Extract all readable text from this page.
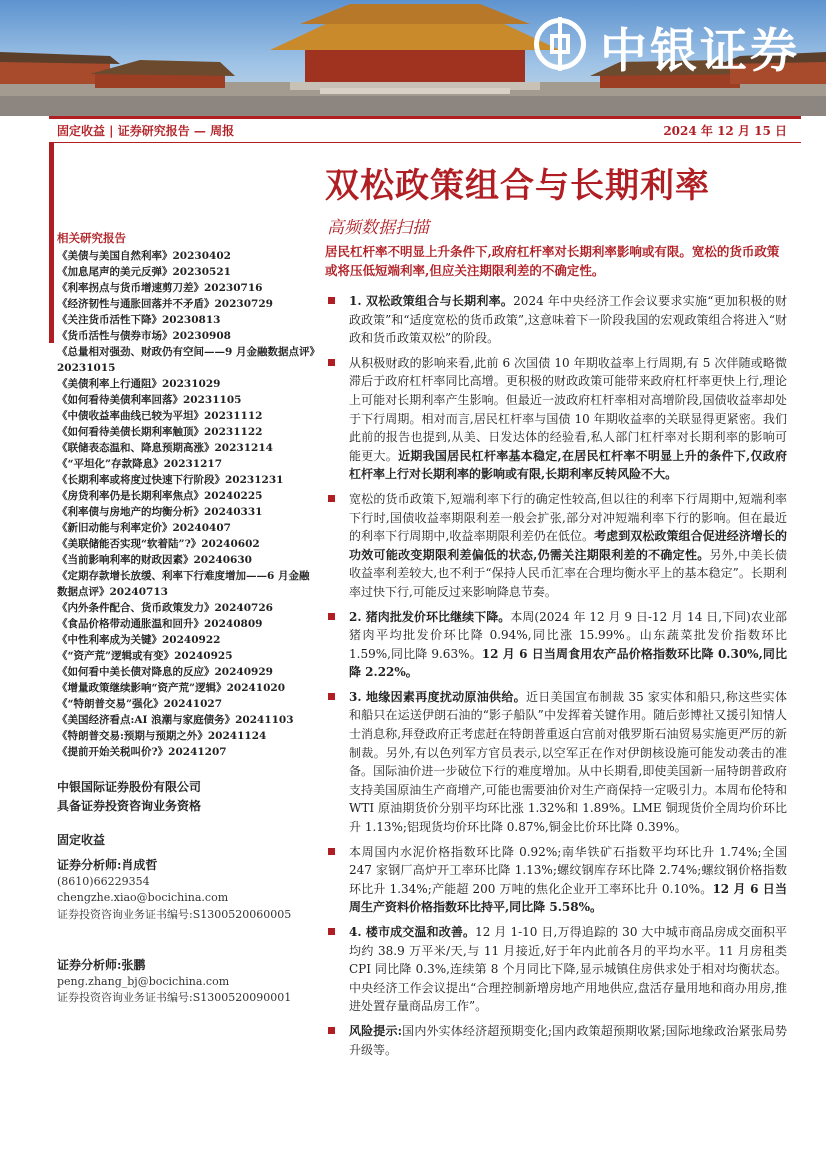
中银证券
固定收益 | 证券研究报告 — 周报	2024 年 12 月 15 日
双松政策组合与长期利率
高频数据扫描
相关研究报告
《美债与美国自然利率》20230402
《加息尾声的美元反弹》20230521
《利率拐点与货币增速剪刀差》20230716
《经济韧性与通胀回落并不矛盾》20230729
《关注货币活性下降》20230813
《货币活性与债券市场》20230908
《总量相对强劲、财政仍有空间——9 月金融数据点评》20231015
《美债利率上行通阻》20231029
《如何看待美债利率回落》20231105
《中债收益率曲线已较为平坦》20231112
《如何看待美债长期利率触顶》20231122
《联储表态温和、降息预期高涨》20231214
《“平坦化”存款降息》20231217
《长期利率或将度过快速下行阶段》20231231
《房贷利率仍是长期利率焦点》20240225
《利率债与房地产的均衡分析》20240331
《新旧动能与利率定价》20240407
《美联储能否实现“软着陆”?》20240602
《当前影响利率的财政因素》20240630
《定期存款增长放缓、利率下行难度增加——6 月金融数据点评》20240713
《内外条件配合、货币政策发力》20240726
《食品价格带动通胀温和回升》20240809
《中性利率成为关键》20240922
《“资产荒”逻辑或有变》20240925
《如何看中美长债对降息的反应》20240929
《增量政策继续影响“资产荒”逻辑》20241020
《“特朗普交易”强化》20241027
《美国经济看点:AI 浪潮与家庭债务》20241103
《特朗普交易:预期与预期之外》20241124
《提前开始关税叫价?》20241207
中银国际证券股份有限公司
具备证券投资咨询业务资格
固定收益
证券分析师:肖成哲
(8610)66229354
chengzhe.xiao@bocichina.com
证券投资咨询业务证书编号:S1300520060005
证券分析师:张鹏
peng.zhang_bj@bocichina.com
证券投资咨询业务证书编号:S1300520090001

居民杠杆率不明显上升条件下,政府杠杆率对长期利率影响或有限。宽松的货币政策或将压低短端利率,但应关注期限利差的不确定性。

1. 双松政策组合与长期利率。2024 年中央经济工作会议要求实施“更加积极的财政政策”和“适度宽松的货币政策”,这意味着下一阶段我国的宏观政策组合将进入“财政和货币政策双松”的阶段。
从积极财政的影响来看,此前 6 次国债 10 年期收益率上行周期,有 5 次伴随或略微滞后于政府杠杆率同比高增。更积极的财政政策可能带来政府杠杆率更快上行,理论上可能对长期利率产生影响。但最近一波政府杠杆率相对高增阶段,国债收益率却处于下行周期。相对而言,居民杠杆率与国债 10 年期收益率的关联显得更紧密。我们此前的报告也提到,从美、日发达体的经验看,私人部门杠杆率对长期利率的影响可能更大。近期我国居民杠杆率基本稳定,在居民杠杆率不明显上升的条件下,仅政府杠杆率上行对长期利率的影响或有限,长期利率反转风险不大。
宽松的货币政策下,短端利率下行的确定性较高,但以往的利率下行周期中,短端利率下行时,国债收益率期限利差一般会扩张,部分对冲短端利率下行的影响。但在最近的利率下行周期中,收益率期限利差仍在低位。考虑到双松政策组合促进经济增长的功效可能改变期限利差偏低的状态,仍需关注期限利差的不确定性。另外,中美长债收益率利差较大,也不利于“保持人民币汇率在合理均衡水平上的基本稳定”。长期利率过快下行,可能反过来影响降息节奏。
2. 猪肉批发价环比继续下降。本周(2024 年 12 月 9 日-12 月 14 日,下同)农业部猪肉平均批发价环比降 0.94%,同比涨 15.99%。山东蔬菜批发价指数环比 1.59%,同比降 9.63%。12 月 6 日当周食用农产品价格指数环比降 0.30%,同比降 2.22%。
3. 地缘因素再度扰动原油供给。近日美国宣布制裁 35 家实体和船只,称这些实体和船只在运送伊朗石油的“影子船队”中发挥着关键作用。随后彭博社又援引知情人士消息称,拜登政府正考虑赶在特朗普重返白宫前对俄罗斯石油贸易实施更严厉的新制裁。另外,有以色列军方官员表示,以空军正在作对伊朗核设施可能发动袭击的准备。国际油价进一步破位下行的难度增加。从中长期看,即使美国新一届特朗普政府支持美国原油生产商增产,可能也需要油价对生产商保持一定吸引力。本周布伦特和 WTI 原油期货价分别平均环比涨 1.32%和 1.89%。LME 铜现货价全周均价环比升 1.13%;铝现货均价环比降 0.87%,铜金比价环比降 0.39%。
本周国内水泥价格指数环比降 0.92%;南华铁矿石指数平均环比升 1.74%;全国 247 家钢厂高炉开工率环比降 1.13%;螺纹钢库存环比降 2.74%;螺纹钢价格指数环比升 1.34%;产能超 200 万吨的焦化企业开工率环比升 0.10%。12 月 6 日当周生产资料价格指数环比持平,同比降 5.58%。
4. 楼市成交温和改善。12 月 1-10 日,万得追踪的 30 大中城市商品房成交面积平均约 38.9 万平米/天,与 11 月接近,好于年内此前各月的平均水平。11 月房租类 CPI 同比降 0.3%,连续第 8 个月同比下降,显示城镇住房供求处于相对均衡状态。中央经济工作会议提出“合理控制新增房地产用地供应,盘活存量用地和商办用房,推进处置存量商品房工作”。
风险提示:国内外实体经济超预期变化;国内政策超预期收紧;国际地缘政治紧张局势升级等。
